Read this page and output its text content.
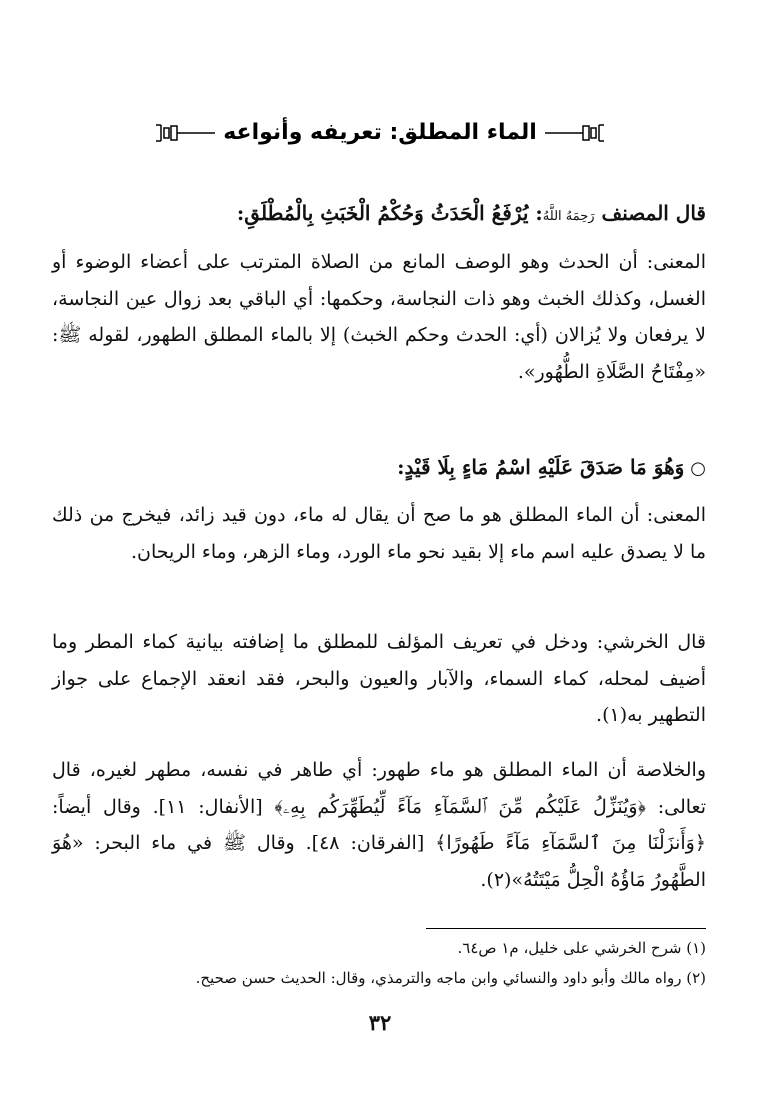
الماء المطلق: تعريفه وأنواعه
قال المصنف رَحِمَهُ اللَّهُ: يُرْفَعُ الْحَدَثُ وَحُكْمُ الْخَبَثِ بِالْمُطْلَقِ:
المعنى: أن الحدث وهو الوصف المانع من الصلاة المترتب على أعضاء الوضوء أو الغسل، وكذلك الخبث وهو ذات النجاسة، وحكمها: أي الباقي بعد زوال عين النجاسة، لا يرفعان ولا يُزالان (أي: الحدث وحكم الخبث) إلا بالماء المطلق الطهور، لقوله ﷺ: «مِفْتَاحُ الصَّلَاةِ الطُّهُور».
○وَهُوَ مَا صَدَقَ عَلَيْهِ اسْمُ مَاءٍ بِلَا قَيْدٍ:
المعنى: أن الماء المطلق هو ما صح أن يقال له ماء، دون قيد زائد، فيخرج من ذلك ما لا يصدق عليه اسم ماء إلا بقيد نحو ماء الورد، وماء الزهر، وماء الريحان.
قال الخرشي: ودخل في تعريف المؤلف للمطلق ما إضافته بيانية كماء المطر وما أضيف لمحله، كماء السماء، والآبار والعيون والبحر، فقد انعقد الإجماع على جواز التطهير به(١).
والخلاصة أن الماء المطلق هو ماء طهور: أي طاهر في نفسه، مطهر لغيره، قال تعالى: ﴿وَيُنَزِّلُ عَلَيْكُم مِّنَ ٱلسَّمَآءِ مَآءً لِّيُطَهِّرَكُم بِهِۦ﴾ [الأنفال: ١١]. وقال أيضاً: ﴿وَأَنزَلْنَا مِنَ ٱلسَّمَآءِ مَآءً طَهُورًا﴾ [الفرقان: ٤٨]. وقال ﷺ في ماء البحر: «هُوَ الطَّهُورُ مَاؤُهُ الْحِلُّ مَيْتَتُهُ»(٢).
(١) شرح الخرشي على خليل، م١ ص٦٤.
(٢) رواه مالك وأبو داود والنسائي وابن ماجه والترمذي، وقال: الحديث حسن صحيح.
٣٢
